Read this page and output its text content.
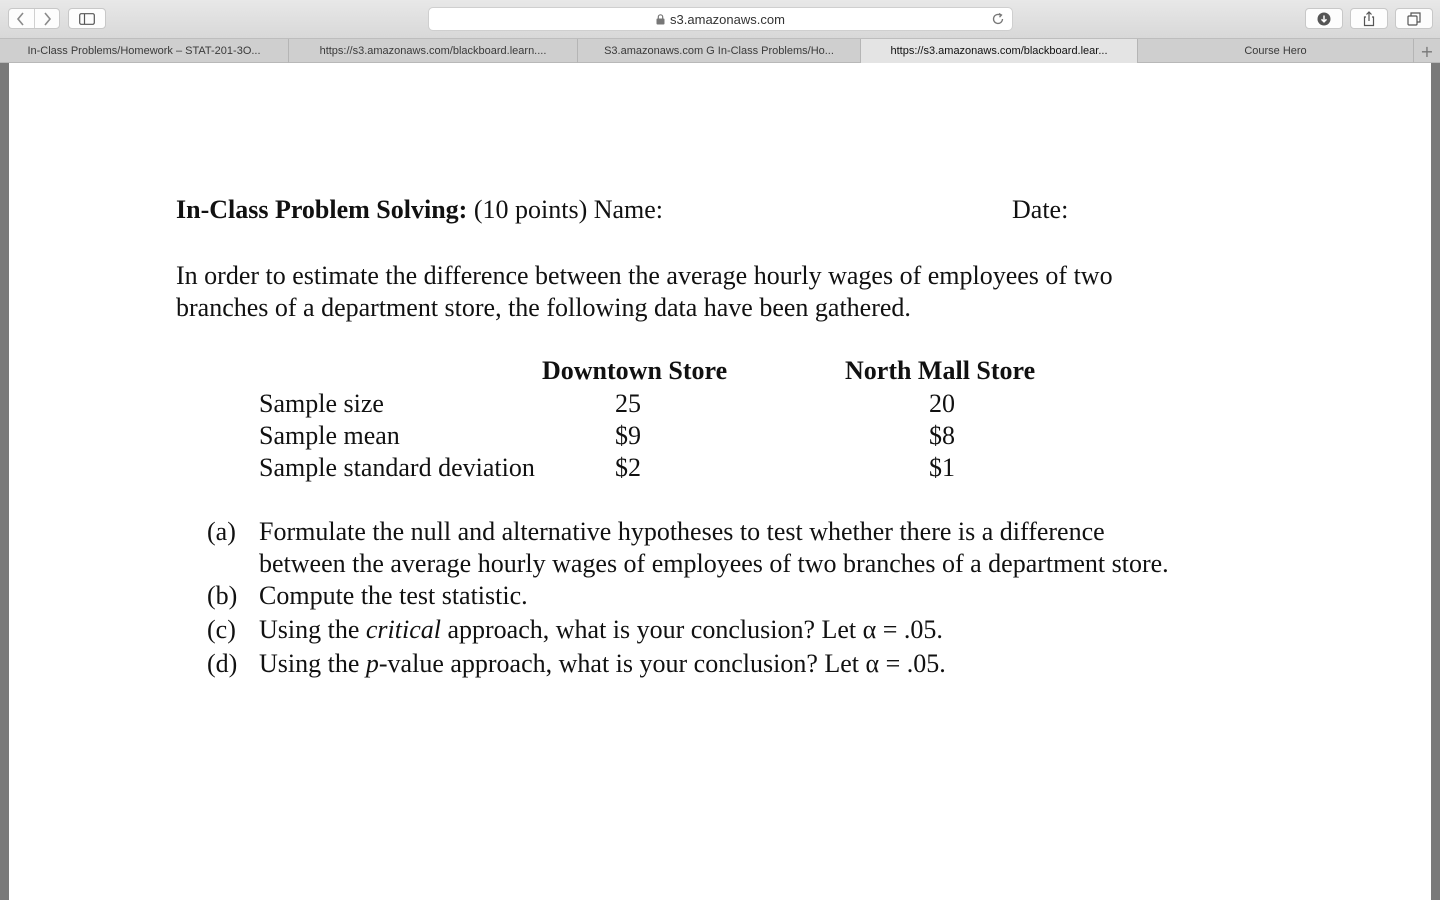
s3.amazonaws.com
In-Class Problems/Homework – STAT-201-3O...	https://s3.amazonaws.com/blackboard.learn....	S3.amazonaws.com G In-Class Problems/Ho...	https://s3.amazonaws.com/blackboard.lear...	Course Hero	+
In-Class Problem Solving: (10 points) Name:	Date:
In order to estimate the difference between the average hourly wages of employees of two
branches of a department store, the following data have been gathered.
Downtown Store	North Mall Store
Sample size	25	20
Sample mean	$9	$8
Sample standard deviation	$2	$1
(a) Formulate the null and alternative hypotheses to test whether there is a difference
between the average hourly wages of employees of two branches of a department store.
(b) Compute the test statistic.
(c) Using the critical approach, what is your conclusion? Let α = .05.
(d) Using the p-value approach, what is your conclusion? Let α = .05.
